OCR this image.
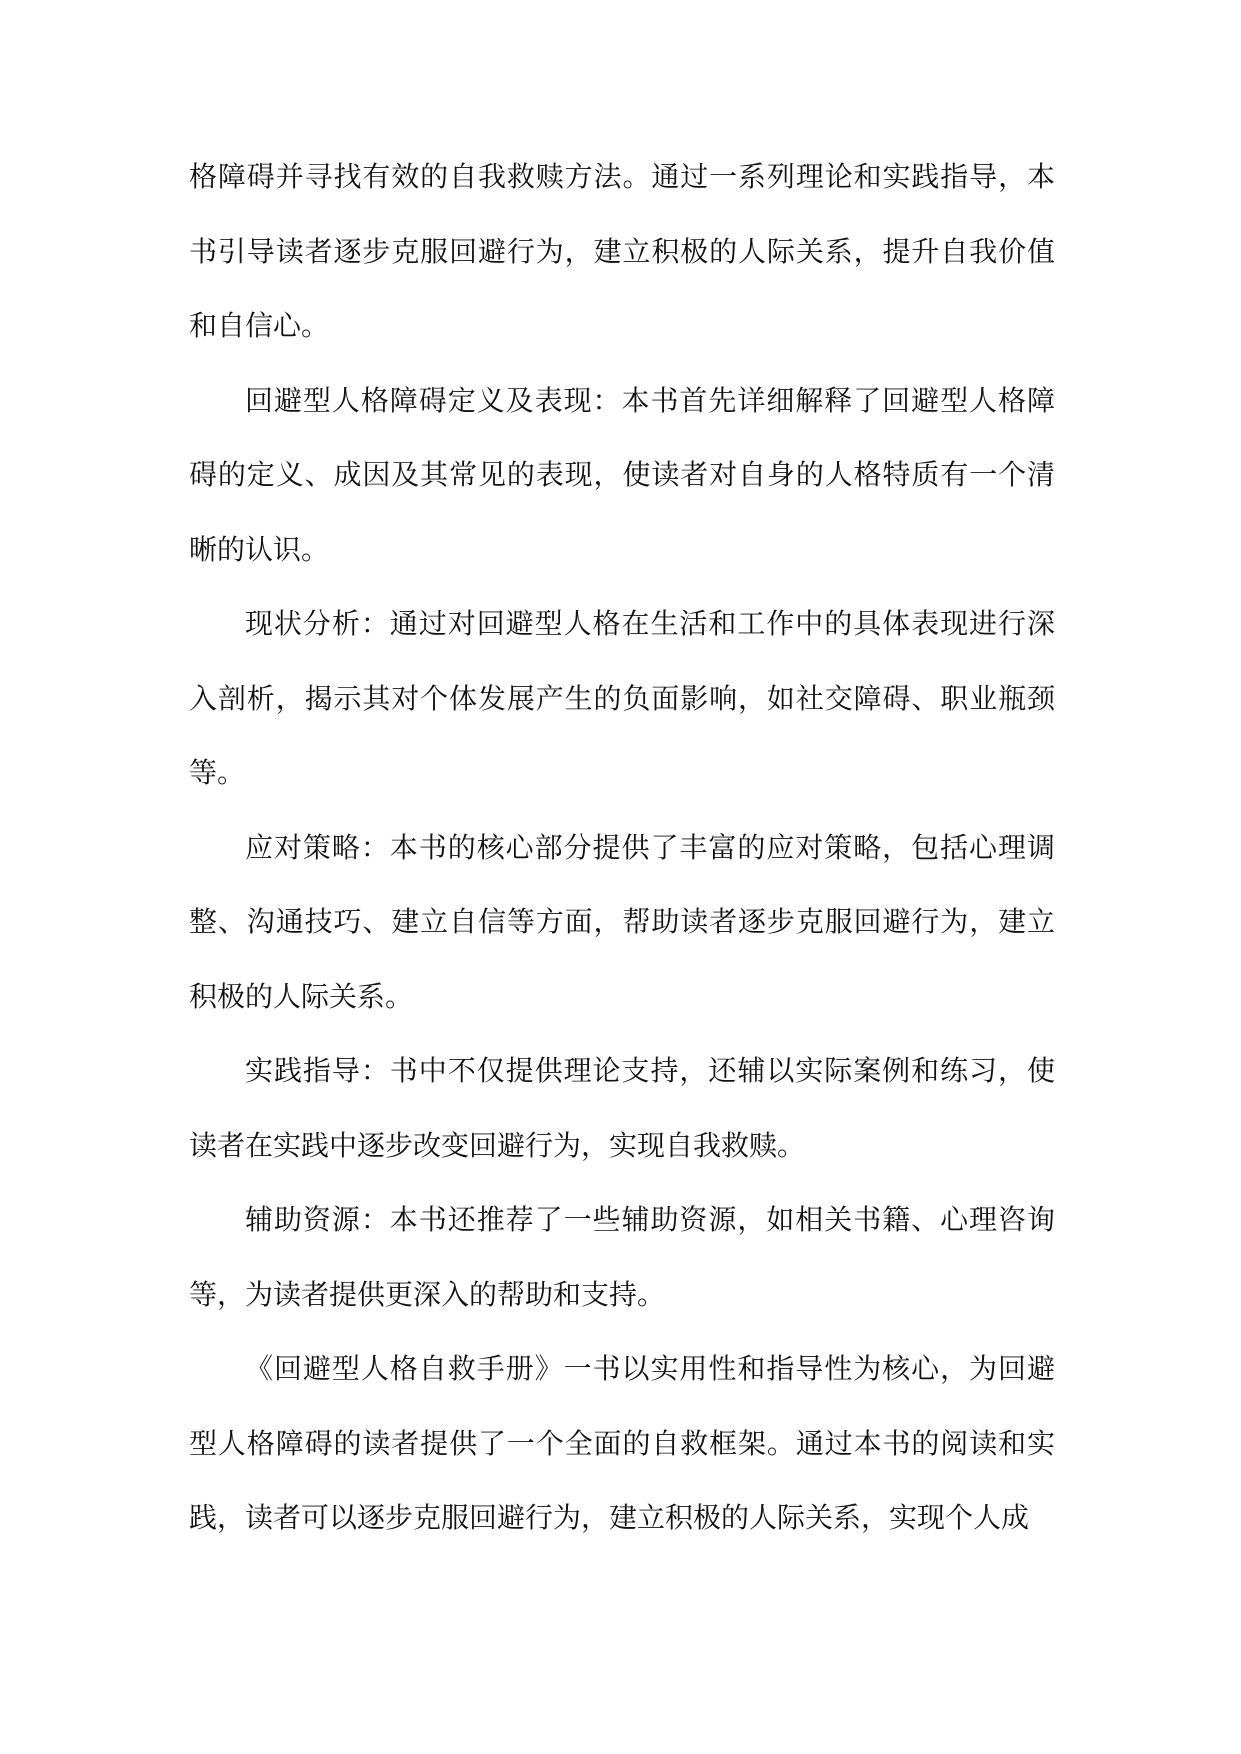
格障碍并寻找有效的自我救赎方法。通过一系列理论和实践指导，本书引导读者逐步克服回避行为，建立积极的人际关系，提升自我价值和自信心。

回避型人格障碍定义及表现：本书首先详细解释了回避型人格障碍的定义、成因及其常见的表现，使读者对自身的人格特质有一个清晰的认识。

现状分析：通过对回避型人格在生活和工作中的具体表现进行深入剖析，揭示其对个体发展产生的负面影响，如社交障碍、职业瓶颈等。

应对策略：本书的核心部分提供了丰富的应对策略，包括心理调整、沟通技巧、建立自信等方面，帮助读者逐步克服回避行为，建立积极的人际关系。

实践指导：书中不仅提供理论支持，还辅以实际案例和练习，使读者在实践中逐步改变回避行为，实现自我救赎。

辅助资源：本书还推荐了一些辅助资源，如相关书籍、心理咨询等，为读者提供更深入的帮助和支持。

《回避型人格自救手册》一书以实用性和指导性为核心，为回避型人格障碍的读者提供了一个全面的自救框架。通过本书的阅读和实践，读者可以逐步克服回避行为，建立积极的人际关系，实现个人成
